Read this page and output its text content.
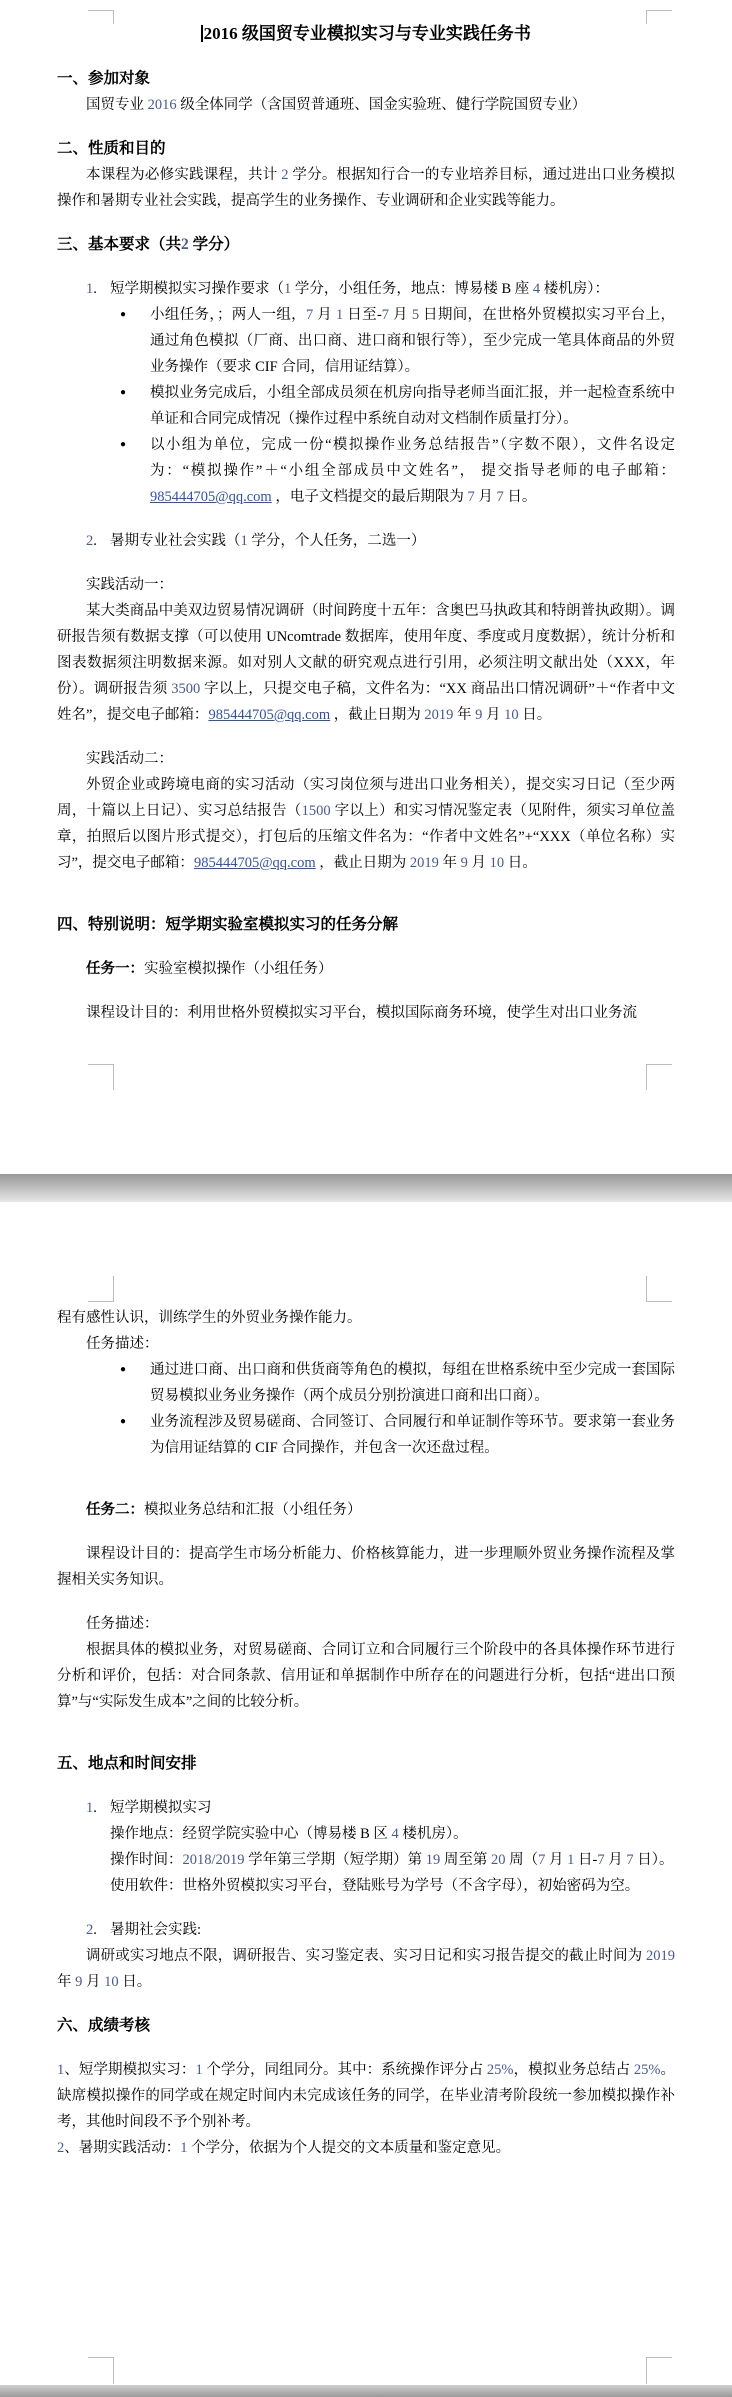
2016 级国贸专业模拟实习与专业实践任务书
一、参加对象
国贸专业 2016 级全体同学（含国贸普通班、国金实验班、健行学院国贸专业）
二、性质和目的
本课程为必修实践课程，共计 2 学分。根据知行合一的专业培养目标，通过进出口业务模拟操作和暑期专业社会实践，提高学生的业务操作、专业调研和企业实践等能力。
三、基本要求（共2 学分）
1. 短学期模拟实习操作要求（1 学分，小组任务，地点：博易楼 B 座 4 楼机房）：
● 小组任务，；两人一组，7 月 1 日至-7 月 5 日期间，在世格外贸模拟实习平台上，通过角色模拟（厂商、出口商、进口商和银行等），至少完成一笔具体商品的外贸业务操作（要求 CIF 合同，信用证结算）。
● 模拟业务完成后，小组全部成员须在机房向指导老师当面汇报，并一起检查系统中单证和合同完成情况（操作过程中系统自动对文档制作质量打分）。
● 以小组为单位，完成一份“模拟操作业务总结报告”（字数不限），文件名设定为：“模拟操作”＋“小组全部成员中文姓名”， 提交指导老师的电子邮箱：985444705@qq.com ，电子文档提交的最后期限为 7 月 7 日。
2. 暑期专业社会实践（1 学分，个人任务，二选一）
实践活动一：
某大类商品中美双边贸易情况调研（时间跨度十五年：含奥巴马执政其和特朗普执政期）。调研报告须有数据支撑（可以使用 UNcomtrade 数据库，使用年度、季度或月度数据），统计分析和图表数据须注明数据来源。如对别人文献的研究观点进行引用，必须注明文献出处（XXX，年份）。调研报告须 3500 字以上，只提交电子稿，文件名为：“XX 商品出口情况调研”＋“作者中文姓名”，提交电子邮箱：985444705@qq.com ，截止日期为 2019 年 9 月 10 日。
实践活动二：
外贸企业或跨境电商的实习活动（实习岗位须与进出口业务相关），提交实习日记（至少两周，十篇以上日记）、实习总结报告（1500 字以上）和实习情况鉴定表（见附件，须实习单位盖章，拍照后以图片形式提交），打包后的压缩文件名为：“作者中文姓名”+“XXX（单位名称）实习”，提交电子邮箱：985444705@qq.com ，截止日期为 2019 年 9 月 10 日。
四、特别说明：短学期实验室模拟实习的任务分解
任务一：实验室模拟操作（小组任务）
课程设计目的：利用世格外贸模拟实习平台，模拟国际商务环境，使学生对出口业务流
程有感性认识，训练学生的外贸业务操作能力。
任务描述：
● 通过进口商、出口商和供货商等角色的模拟，每组在世格系统中至少完成一套国际贸易模拟业务业务操作（两个成员分别扮演进口商和出口商）。
● 业务流程涉及贸易磋商、合同签订、合同履行和单证制作等环节。要求第一套业务为信用证结算的 CIF 合同操作，并包含一次还盘过程。
任务二：模拟业务总结和汇报（小组任务）
课程设计目的：提高学生市场分析能力、价格核算能力，进一步理顺外贸业务操作流程及掌握相关实务知识。
任务描述：
根据具体的模拟业务，对贸易磋商、合同订立和合同履行三个阶段中的各具体操作环节进行分析和评价，包括：对合同条款、信用证和单据制作中所存在的问题进行分析，包括“进出口预算”与“实际发生成本”之间的比较分析。
五、地点和时间安排
1. 短学期模拟实习
操作地点：经贸学院实验中心（博易楼 B 区 4 楼机房）。
操作时间：2018/2019 学年第三学期（短学期）第 19 周至第 20 周（7 月 1 日-7 月 7 日）。
使用软件：世格外贸模拟实习平台，登陆账号为学号（不含字母），初始密码为空。
2. 暑期社会实践:
调研或实习地点不限，调研报告、实习鉴定表、实习日记和实习报告提交的截止时间为 2019 年 9 月 10 日。
六、成绩考核
1、短学期模拟实习：1 个学分，同组同分。其中：系统操作评分占 25%，模拟业务总结占 25%。缺席模拟操作的同学或在规定时间内未完成该任务的同学，在毕业清考阶段统一参加模拟操作补考，其他时间段不予个别补考。
2、暑期实践活动：1 个学分，依据为个人提交的文本质量和鉴定意见。
